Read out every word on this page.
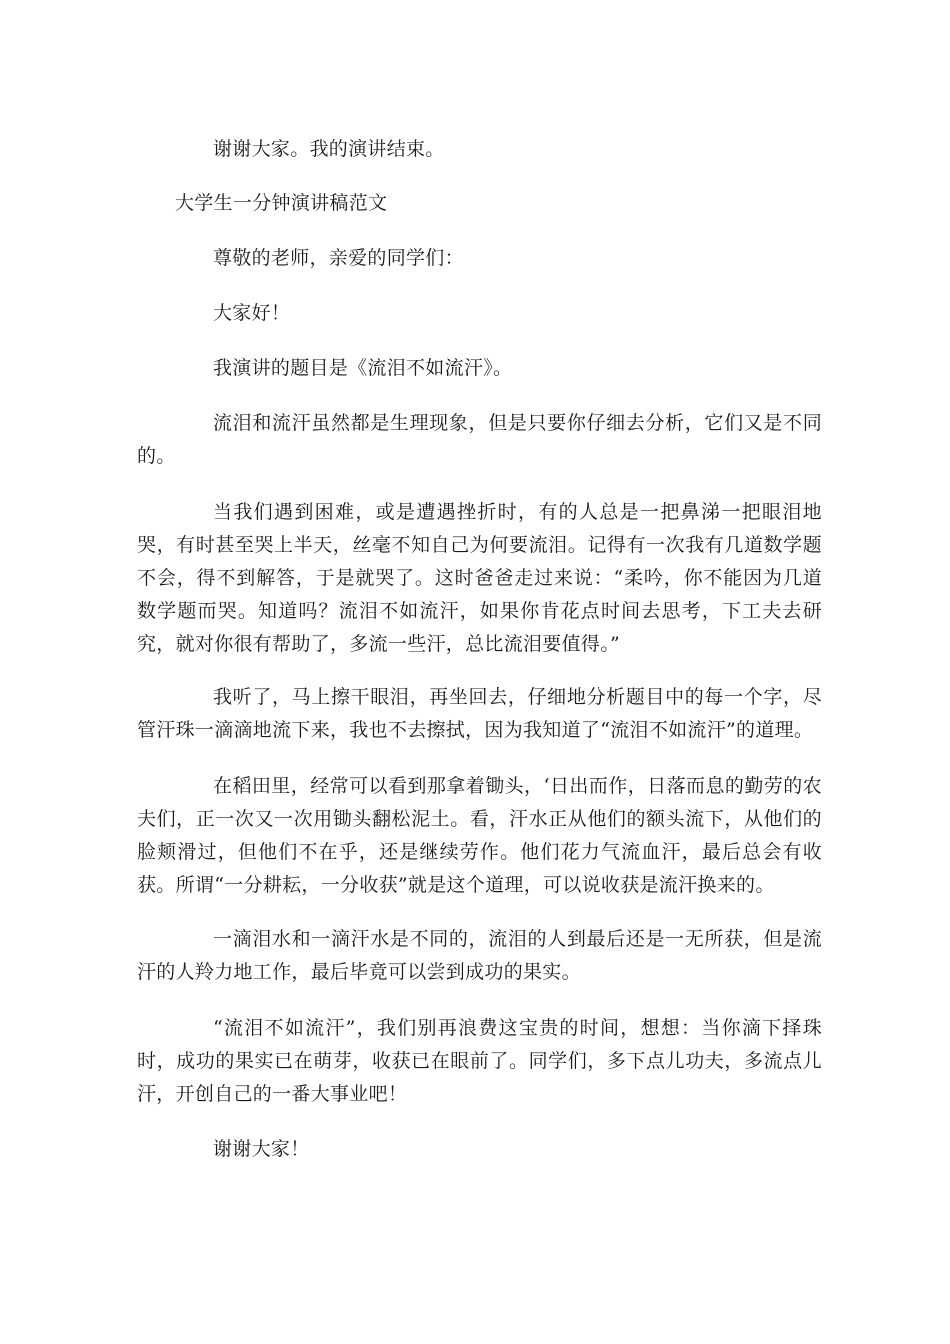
谢谢大家。我的演讲结束。

大学生一分钟演讲稿范文

尊敬的老师，亲爱的同学们：

大家好！

我演讲的题目是《流泪不如流汗》。

流泪和流汗虽然都是生理现象，但是只要你仔细去分析，它们又是不同的。

当我们遇到困难，或是遭遇挫折时，有的人总是一把鼻涕一把眼泪地哭，有时甚至哭上半天，丝毫不知自己为何要流泪。记得有一次我有几道数学题不会，得不到解答，于是就哭了。这时爸爸走过来说：“柔吟，你不能因为几道数学题而哭。知道吗？流泪不如流汗，如果你肯花点时间去思考，下工夫去研究，就对你很有帮助了，多流一些汗，总比流泪要值得。”

我听了，马上擦干眼泪，再坐回去，仔细地分析题目中的每一个字，尽管汗珠一滴滴地流下来，我也不去擦拭，因为我知道了“流泪不如流汗”的道理。

在稻田里，经常可以看到那拿着锄头，‘日出而作，日落而息的勤劳的农夫们，正一次又一次用锄头翻松泥土。看，汗水正从他们的额头流下，从他们的脸颊滑过，但他们不在乎，还是继续劳作。他们花力气流血汗，最后总会有收获。所谓“一分耕耘，一分收获”就是这个道理，可以说收获是流汗换来的。

一滴泪水和一滴汗水是不同的，流泪的人到最后还是一无所获，但是流汗的人羚力地工作，最后毕竟可以尝到成功的果实。

“流泪不如流汗”，我们别再浪费这宝贵的时间，想想：当你滴下择珠时，成功的果实已在萌芽，收获已在眼前了。同学们，多下点儿功夫，多流点儿汗，开创自己的一番大事业吧！

谢谢大家！
